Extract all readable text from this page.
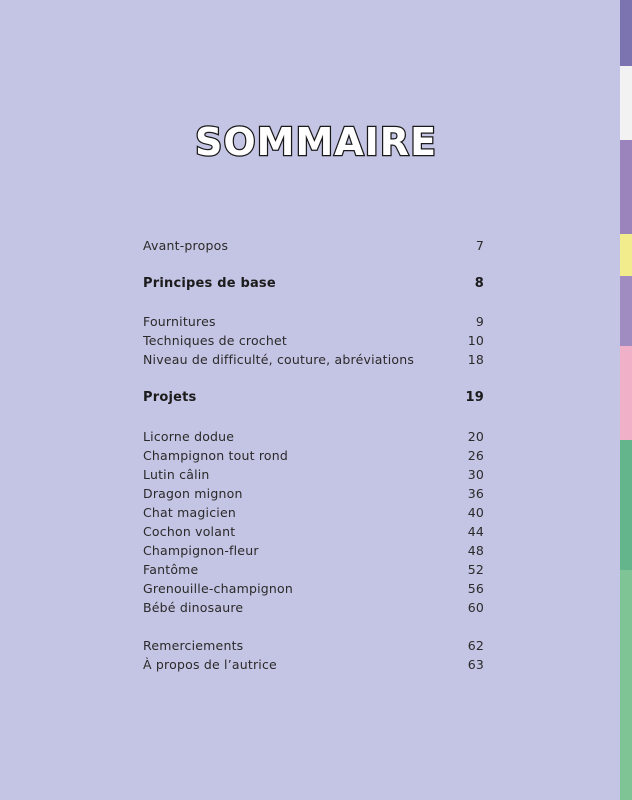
SOMMAIRE
Avant-propos	7
Principes de base	8
Fournitures	9
Techniques de crochet	10
Niveau de difficulté, couture, abréviations	18
Projets	19
Licorne dodue	20
Champignon tout rond	26
Lutin câlin	30
Dragon mignon	36
Chat magicien	40
Cochon volant	44
Champignon-fleur	48
Fantôme	52
Grenouille-champignon	56
Bébé dinosaure	60
Remerciements	62
À propos de l’autrice	63
